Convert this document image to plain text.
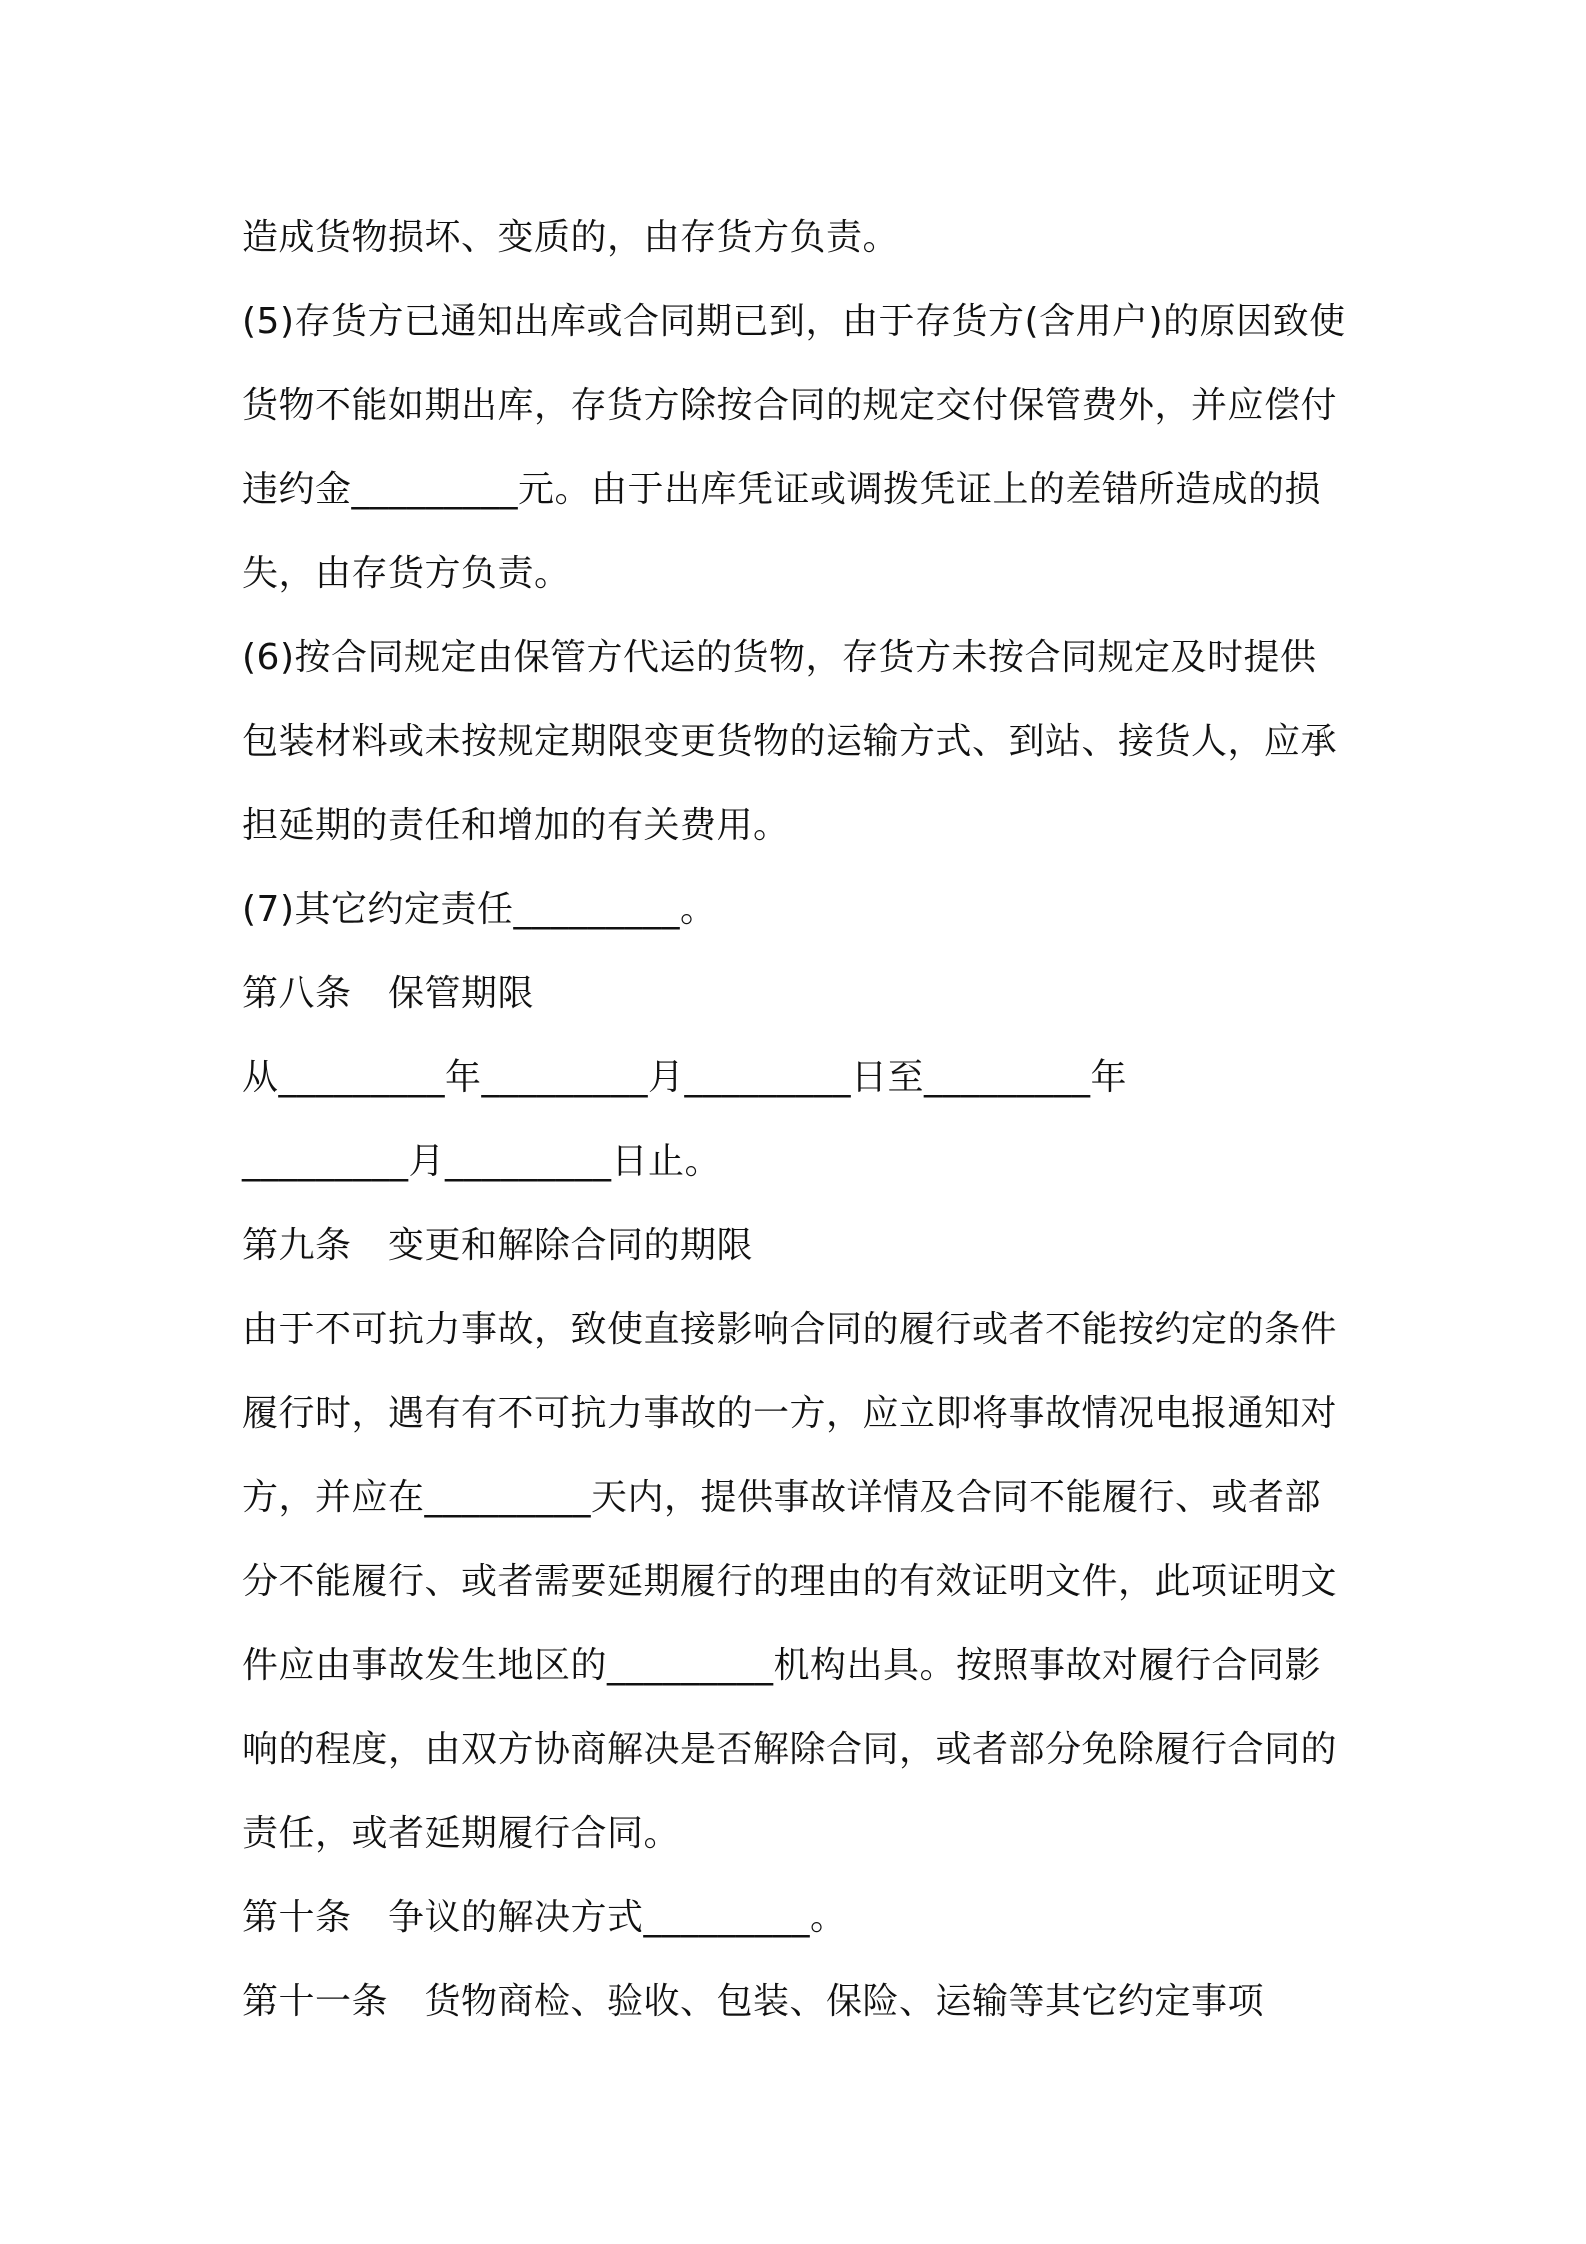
造成货物损坏、变质的，由存货方负责。
(5)存货方已通知出库或合同期已到，由于存货方(含用户)的原因致使
货物不能如期出库，存货方除按合同的规定交付保管费外，并应偿付
违约金_________元。由于出库凭证或调拨凭证上的差错所造成的损
失，由存货方负责。
(6)按合同规定由保管方代运的货物，存货方未按合同规定及时提供
包装材料或未按规定期限变更货物的运输方式、到站、接货人，应承
担延期的责任和增加的有关费用。
(7)其它约定责任_________。
第八条　保管期限
从_________年_________月_________日至_________年
_________月_________日止。
第九条　变更和解除合同的期限
由于不可抗力事故，致使直接影响合同的履行或者不能按约定的条件
履行时，遇有有不可抗力事故的一方，应立即将事故情况电报通知对
方，并应在_________天内，提供事故详情及合同不能履行、或者部
分不能履行、或者需要延期履行的理由的有效证明文件，此项证明文
件应由事故发生地区的_________机构出具。按照事故对履行合同影
响的程度，由双方协商解决是否解除合同，或者部分免除履行合同的
责任，或者延期履行合同。
第十条　争议的解决方式_________。
第十一条　货物商检、验收、包装、保险、运输等其它约定事项
